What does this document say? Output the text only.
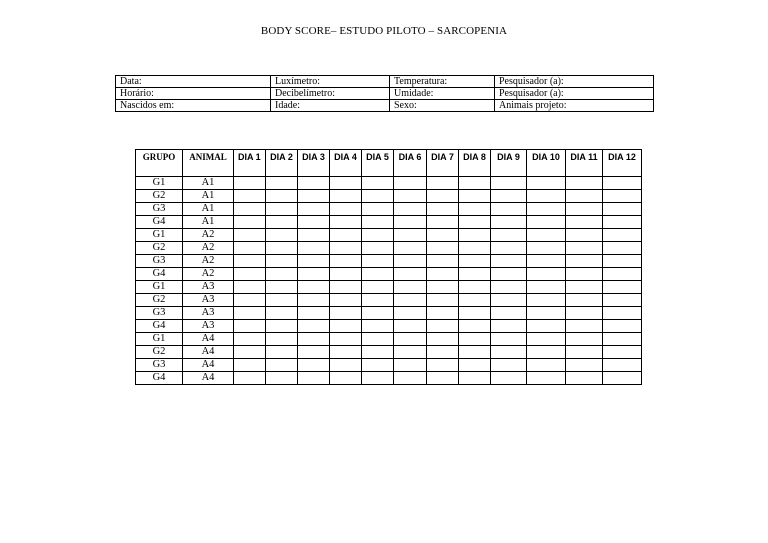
BODY SCORE– ESTUDO PILOTO – SARCOPENIA
Data:	Luxímetro:	Temperatura:	Pesquisador (a):
Horário:	Decibelímetro:	Umidade:	Pesquisador (a):
Nascidos em:	Idade:	Sexo:	Animais projeto:
GRUPO	ANIMAL	DIA 1	DIA 2	DIA 3	DIA 4	DIA 5	DIA 6	DIA 7	DIA 8	DIA 9	DIA 10	DIA 11	DIA 12
G1	A1												
G2	A1												
G3	A1												
G4	A1												
G1	A2												
G2	A2												
G3	A2												
G4	A2												
G1	A3												
G2	A3												
G3	A3												
G4	A3												
G1	A4												
G2	A4												
G3	A4												
G4	A4												
